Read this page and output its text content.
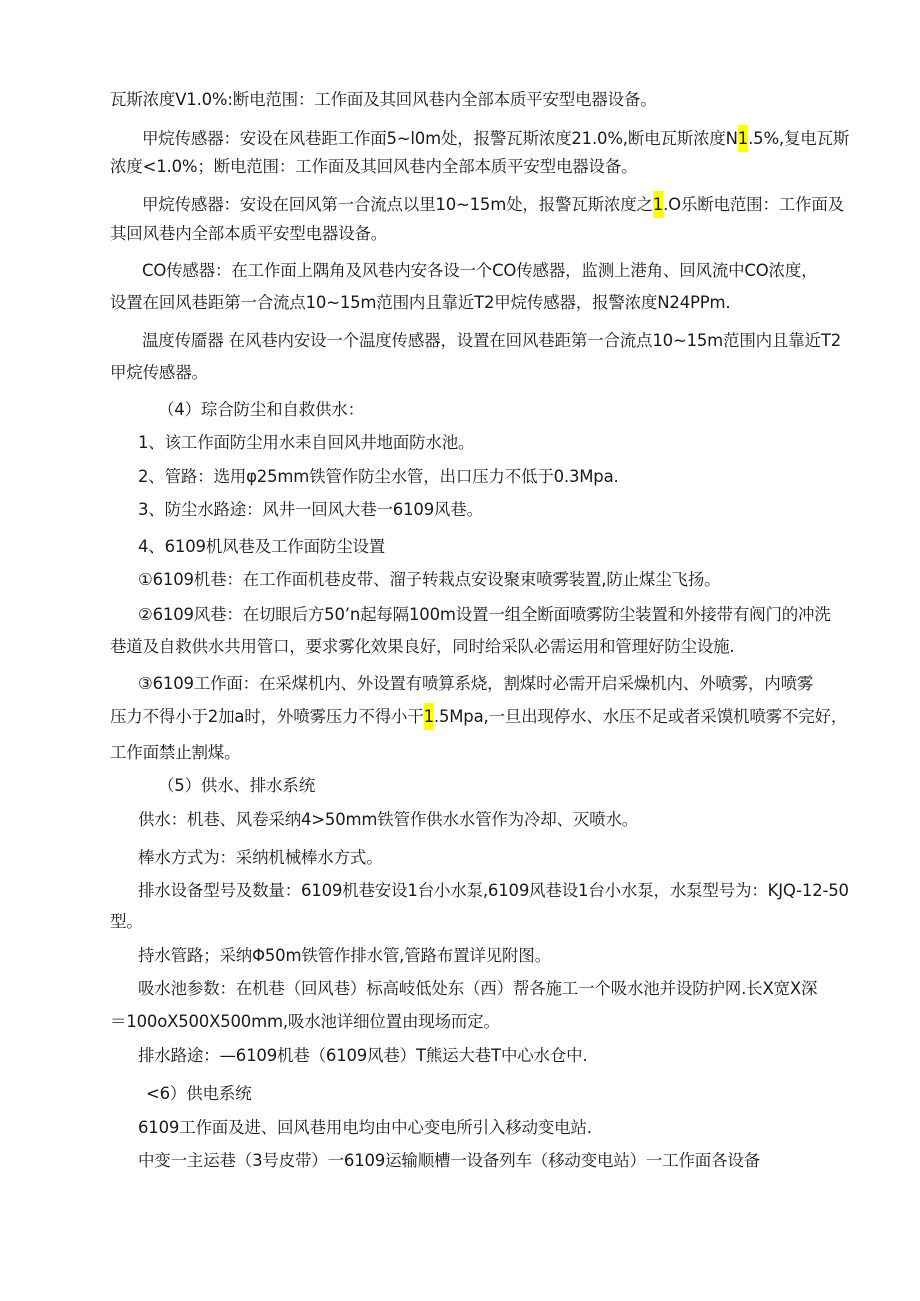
瓦斯浓度V1.0%:断电范围：工作面及其回风巷内全部本质平安型电器设备。
甲烷传感器：安设在风巷距工作面5~l0m处，报警瓦斯浓度21.0%,断电瓦斯浓度N1.5%,复电瓦斯
浓度<1.0%；断电范围：工作面及其回风巷内全部本质平安型电器设备。
甲烷传感器：安设在回风第一合流点以里10~15m处，报警瓦斯浓度之1.O乐断电范围：工作面及
其回风巷内全部本质平安型电器设备。
CO传感器：在工作面上隅角及风巷内安各设一个CO传感器，监测上港角、回风流中CO浓度，
设置在回风巷距第一合流点10~15m范围内且靠近T2甲烷传感器，报警浓度N24PPm.
温度传靥器 在风巷内安设一个温度传感器，设置在回风巷距第一合流点10~15m范围内且靠近T2
甲烷传感器。
（4）琮合防尘和自救供水：
1、该工作面防尘用水耒自回风井地面防水池。
2、管路：选用φ25mm铁管作防尘水管，出口压力不低于0.3Mpa.
3、防尘水路途：风井一回风大巷一6109风巷。
4、6109机风巷及工作面防尘设置
①6109机巷：在工作面机巷皮带、溜子转栽点安设聚束喷雾装置,防止煤尘飞扬。
②6109风巷：在切眼后方50’n起每隔100m设置一组全断面喷雾防尘装置和外接带有阀门的冲洗
巷道及自救供水共用管口，要求雾化效果良好，同时给采队必需运用和管理好防尘设施.
③6109工作面：在采煤机内、外设置有喷算系烧，割煤时必需开启采燥机内、外喷雾，内喷雾
压力不得小于2加a时，外喷雾压力不得小干1.5Mpa,一旦出现停水、水压不足或者采馍机喷雾不完好，
工作面禁止割煤。
（5）供水、排水系统
供水：机巷、风卷采纳4>50mm铁管作供水水管作为冷却、灭喷水。
棒水方式为：采纳机械棒水方式。
排水设备型号及数量：6109机巷安设1台小水泵,6109风巷设1台小水泵，水泵型号为：KJQ-12-50
型。
持水管路；采纳Φ50m铁管作排水管,管路布置详见附图。
吸水池参数：在机巷（回风巷）标高岐低处东（西）帮各施工一个吸水池并设防护网.长X宽X深
＝100oX500X500mm,吸水池详细位置由现场而定。
排水路途：—6109机巷（6109风巷）T熊运大巷T中心水仓中.
<6）供电系统
6109工作面及进、回风巷用电均由中心变电所引入移动变电站.
中变一主运巷（3号皮带）一6109运输顺槽一设备列车（移动变电站）一工作面各设备
